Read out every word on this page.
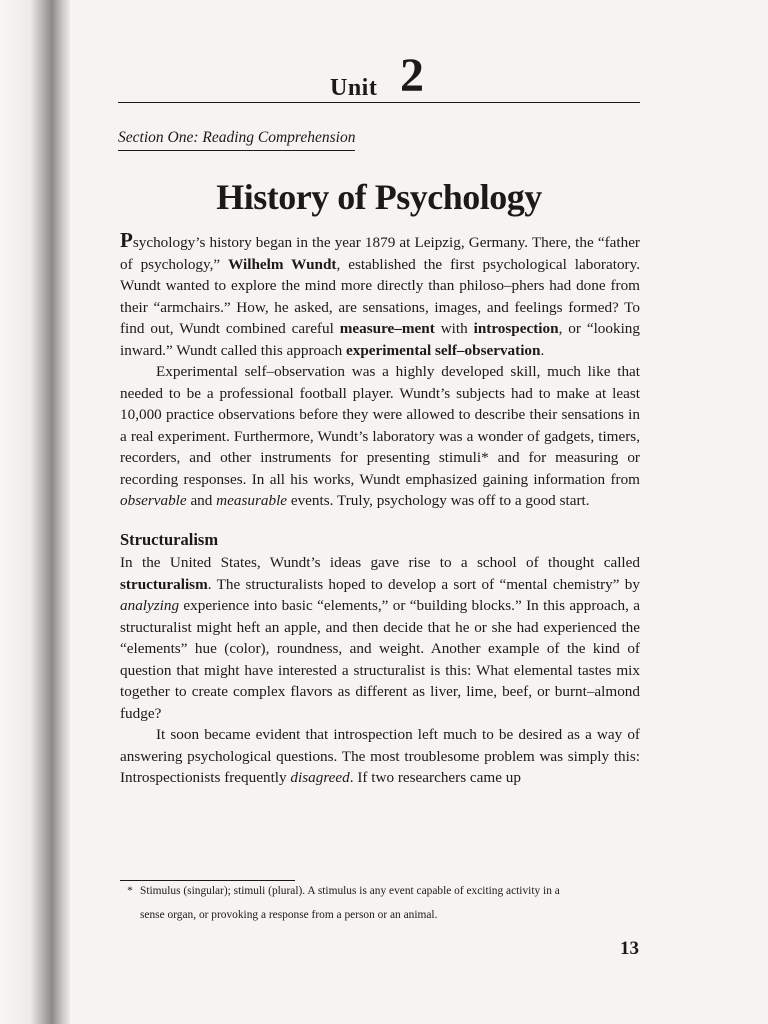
Unit 2
Section One: Reading Comprehension
History of Psychology

Psychology’s history began in the year 1879 at Leipzig, Germany. There, the “father of psychology,” Wilhelm Wundt, established the first psychological laboratory. Wundt wanted to explore the mind more directly than philoso–phers had done from their “armchairs.” How, he asked, are sensations, images, and feelings formed? To find out, Wundt combined careful measure–ment with introspection, or “looking inward.” Wundt called this approach experimental self–observation.

Experimental self–observation was a highly developed skill, much like that needed to be a professional football player. Wundt’s subjects had to make at least 10,000 practice observations before they were allowed to describe their sensations in a real experiment. Furthermore, Wundt’s laboratory was a wonder of gadgets, timers, recorders, and other instruments for presenting stimuli* and for measuring or recording responses. In all his works, Wundt emphasized gaining information from observable and measurable events. Truly, psychology was off to a good start.

Structuralism

In the United States, Wundt’s ideas gave rise to a school of thought called structuralism. The structuralists hoped to develop a sort of “mental chemistry” by analyzing experience into basic “elements,” or “building blocks.” In this approach, a structuralist might heft an apple, and then decide that he or she had experienced the “elements” hue (color), roundness, and weight. Another example of the kind of question that might have interested a structuralist is this: What elemental tastes mix together to create complex flavors as different as liver, lime, beef, or burnt–almond fudge?

It soon became evident that introspection left much to be desired as a way of answering psychological questions. The most troublesome problem was simply this: Introspectionists frequently disagreed. If two researchers came up

* Stimulus (singular); stimuli (plural). A stimulus is any event capable of exciting activity in a
sense organ, or provoking a response from a person or an animal.
13
